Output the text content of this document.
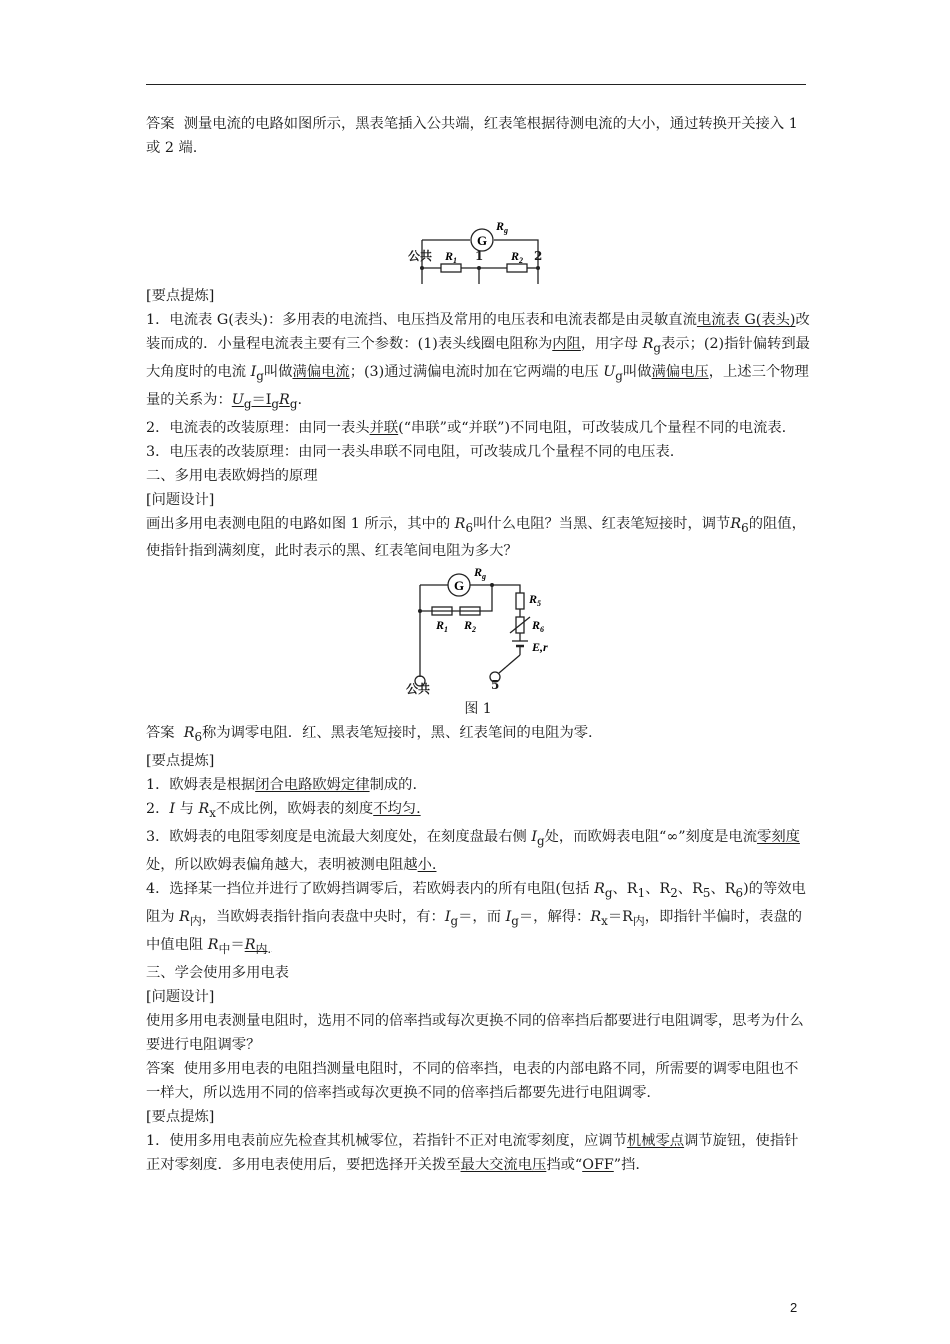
答案 测量电流的电路如图所示，黑表笔插入公共端，红表笔根据待测电流的大小，通过转换开关接入 1 或 2 端.

G
$R_g$
$R_1$	$R_2$
公共	1	2

[要点提炼]

1．电流表 G(表头)：多用表的电流挡、电压挡及常用的电压表和电流表都是由灵敏直流电流表 G(表头)改装而成的．小量程电流表主要有三个参数：(1)表头线圈电阻称为内阻，用字母 $R_g$表示；(2)指针偏转到最大角度时的电流 $I_g$叫做满偏电流；(3)通过满偏电流时加在它两端的电压 $U_g$叫做满偏电压，上述三个物理量的关系为：$U_g=I_gR_g$.

2．电流表的改装原理：由同一表头并联(“串联”或“并联”)不同电阻，可改装成几个量程不同的电流表.

3．电压表的改装原理：由同一表头串联不同电阻，可改装成几个量程不同的电压表.

二、多用电表欧姆挡的原理

[问题设计]

画出多用电表测电阻的电路如图 1 所示，其中的 $R_6$叫什么电阻？当黑、红表笔短接时，调节$R_6$的阻值，使指针指到满刻度，此时表示的黑、红表笔间电阻为多大？

G
$R_g$
$R_1$ $R_2$
$R_5$
$R_6$
E,r
公共	5

图 1

答案 $R_6$称为调零电阻．红、黑表笔短接时，黑、红表笔间的电阻为零.

[要点提炼]

1．欧姆表是根据闭合电路欧姆定律制成的.

2．I 与 $R_x$不成比例，欧姆表的刻度不均匀.

3．欧姆表的电阻零刻度是电流最大刻度处，在刻度盘最右侧 $I_g$处，而欧姆表电阻“∞”刻度是电流零刻度处，所以欧姆表偏角越大，表明被测电阻越小.

4．选择某一挡位并进行了欧姆挡调零后，若欧姆表内的所有电阻(包括 $R_g$、$R_1$、$R_2$、$R_5$、$R_6$)的等效电阻为 $R_内$，当欧姆表指针指向表盘中央时，有：$I_g=$，而 $I_g=$，解得：$R_x=R_内$，即指针半偏时，表盘的中值电阻 $R_中=R_{内.}$

三、学会使用多用电表

[问题设计]

使用多用电表测量电阻时，选用不同的倍率挡或每次更换不同的倍率挡后都要进行电阻调零，思考为什么要进行电阻调零？

答案 使用多用电表的电阻挡测量电阻时，不同的倍率挡，电表的内部电路不同，所需要的调零电阻也不一样大，所以选用不同的倍率挡或每次更换不同的倍率挡后都要先进行电阻调零.

[要点提炼]

1．使用多用电表前应先检查其机械零位，若指针不正对电流零刻度，应调节机械零点调节旋钮，使指针正对零刻度．多用电表使用后，要把选择开关拨至最大交流电压挡或“OFF”挡.

2
